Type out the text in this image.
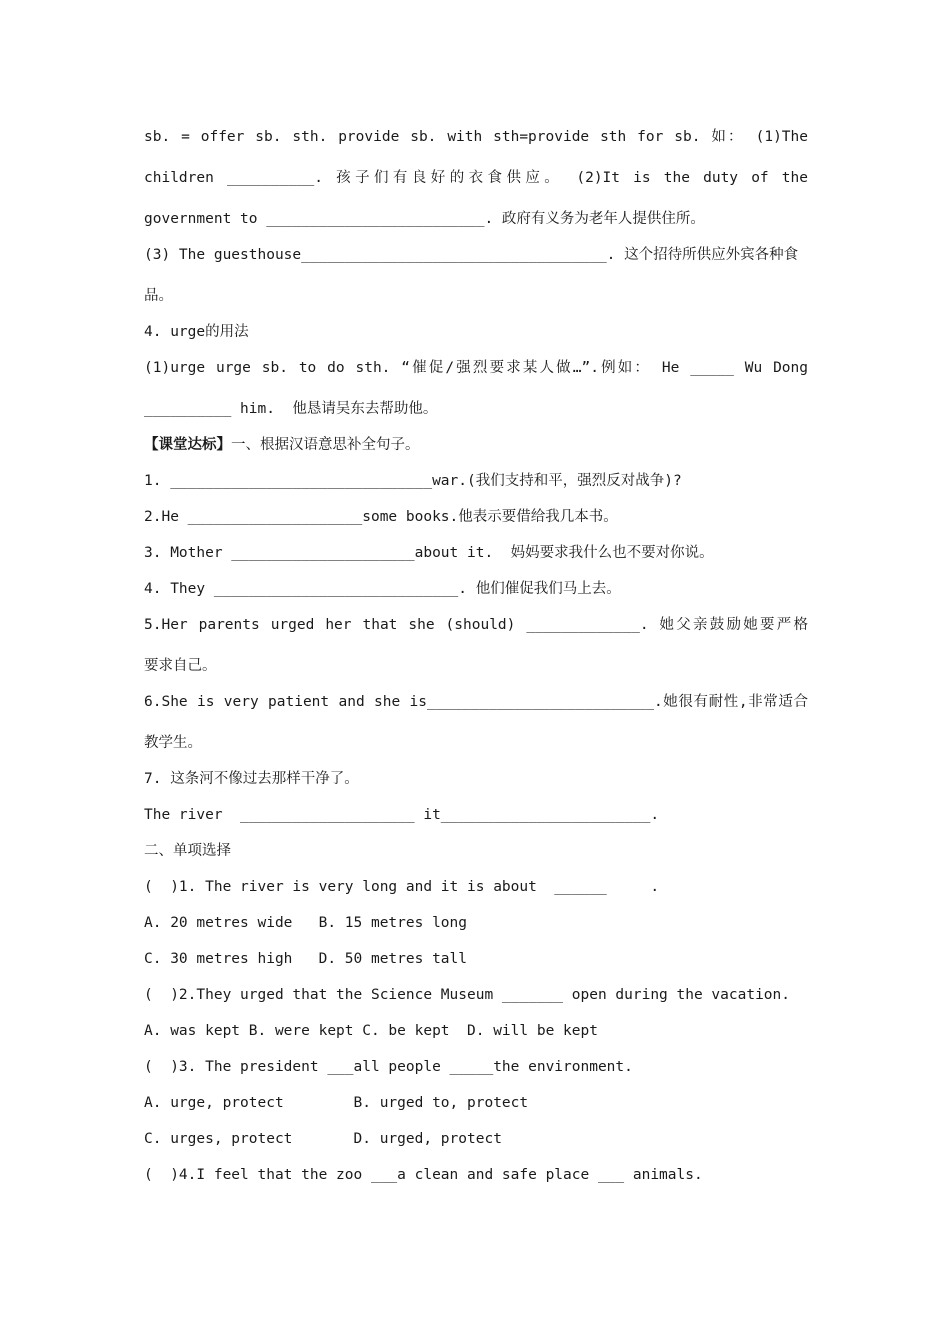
sb. = offer sb. sth. provide sb. with sth=provide sth for sb. 如： (1)The
children __________. 孩子们有良好的衣食供应。 (2)It is the duty of the
government to _________________________. 政府有义务为老年人提供住所。
(3) The guesthouse___________________________________. 这个招待所供应外宾各种食
品。
4. urge的用法
(1)urge urge sb. to do sth. “催促/强烈要求某人做…”.例如： He _____ Wu Dong
__________ him.  他恳请吴东去帮助他。
【课堂达标】一、根据汉语意思补全句子。
1. ______________________________war.(我们支持和平，强烈反对战争)?
2.He ____________________some books.他表示要借给我几本书。
3. Mother _____________________about it.  妈妈要求我什么也不要对你说。
4. They ____________________________. 他们催促我们马上去。
5.Her parents urged her that she (should) _____________. 她父亲鼓励她要严格
要求自己。
6.She is very patient and she is__________________________.她很有耐性,非常适合
教学生。
7. 这条河不像过去那样干净了。
The river  ____________________ it________________________.
二、单项选择
(  )1. The river is very long and it is about  ______     .
A. 20 metres wide   B. 15 metres long
C. 30 metres high   D. 50 metres tall
(  )2.They urged that the Science Museum _______ open during the vacation.
A. was kept B. were kept C. be kept  D. will be kept
(  )3. The president ___all people _____the environment.
A. urge, protect        B. urged to, protect
C. urges, protect       D. urged, protect
(  )4.I feel that the zoo ___a clean and safe place ___ animals.
